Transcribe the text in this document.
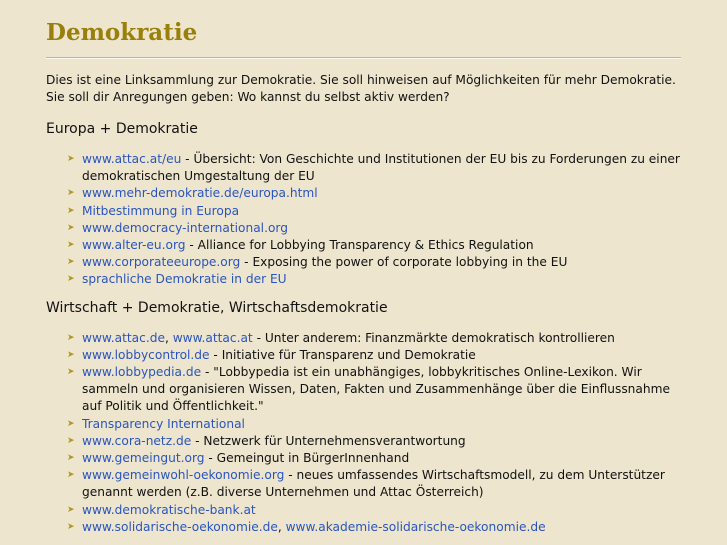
Demokratie

Dies ist eine Linksammlung zur Demokratie. Sie soll hinweisen auf Möglichkeiten für mehr Demokratie. Sie soll dir Anregungen geben: Wo kannst du selbst aktiv werden?

Europa + Demokratie
➤ www.attac.at/eu - Übersicht: Von Geschichte und Institutionen der EU bis zu Forderungen zu einer demokratischen Umgestaltung der EU
➤ www.mehr-demokratie.de/europa.html
➤ Mitbestimmung in Europa
➤ www.democracy-international.org
➤ www.alter-eu.org - Alliance for Lobbying Transparency & Ethics Regulation
➤ www.corporateeurope.org - Exposing the power of corporate lobbying in the EU
➤ sprachliche Demokratie in der EU
Wirtschaft + Demokratie, Wirtschaftsdemokratie
➤ www.attac.de, www.attac.at - Unter anderem: Finanzmärkte demokratisch kontrollieren
➤ www.lobbycontrol.de - Initiative für Transparenz und Demokratie
➤ www.lobbypedia.de - "Lobbypedia ist ein unabhängiges, lobbykritisches Online-Lexikon. Wir sammeln und organisieren Wissen, Daten, Fakten und Zusammenhänge über die Einflussnahme auf Politik und Öffentlichkeit."
➤ Transparency International
➤ www.cora-netz.de - Netzwerk für Unternehmensverantwortung
➤ www.gemeingut.org - Gemeingut in BürgerInnenhand
➤ www.gemeinwohl-oekonomie.org - neues umfassendes Wirtschaftsmodell, zu dem Unterstützer genannt werden (z.B. diverse Unternehmen und Attac Österreich)
➤ www.demokratische-bank.at
➤ www.solidarische-oekonomie.de, www.akademie-solidarische-oekonomie.de
